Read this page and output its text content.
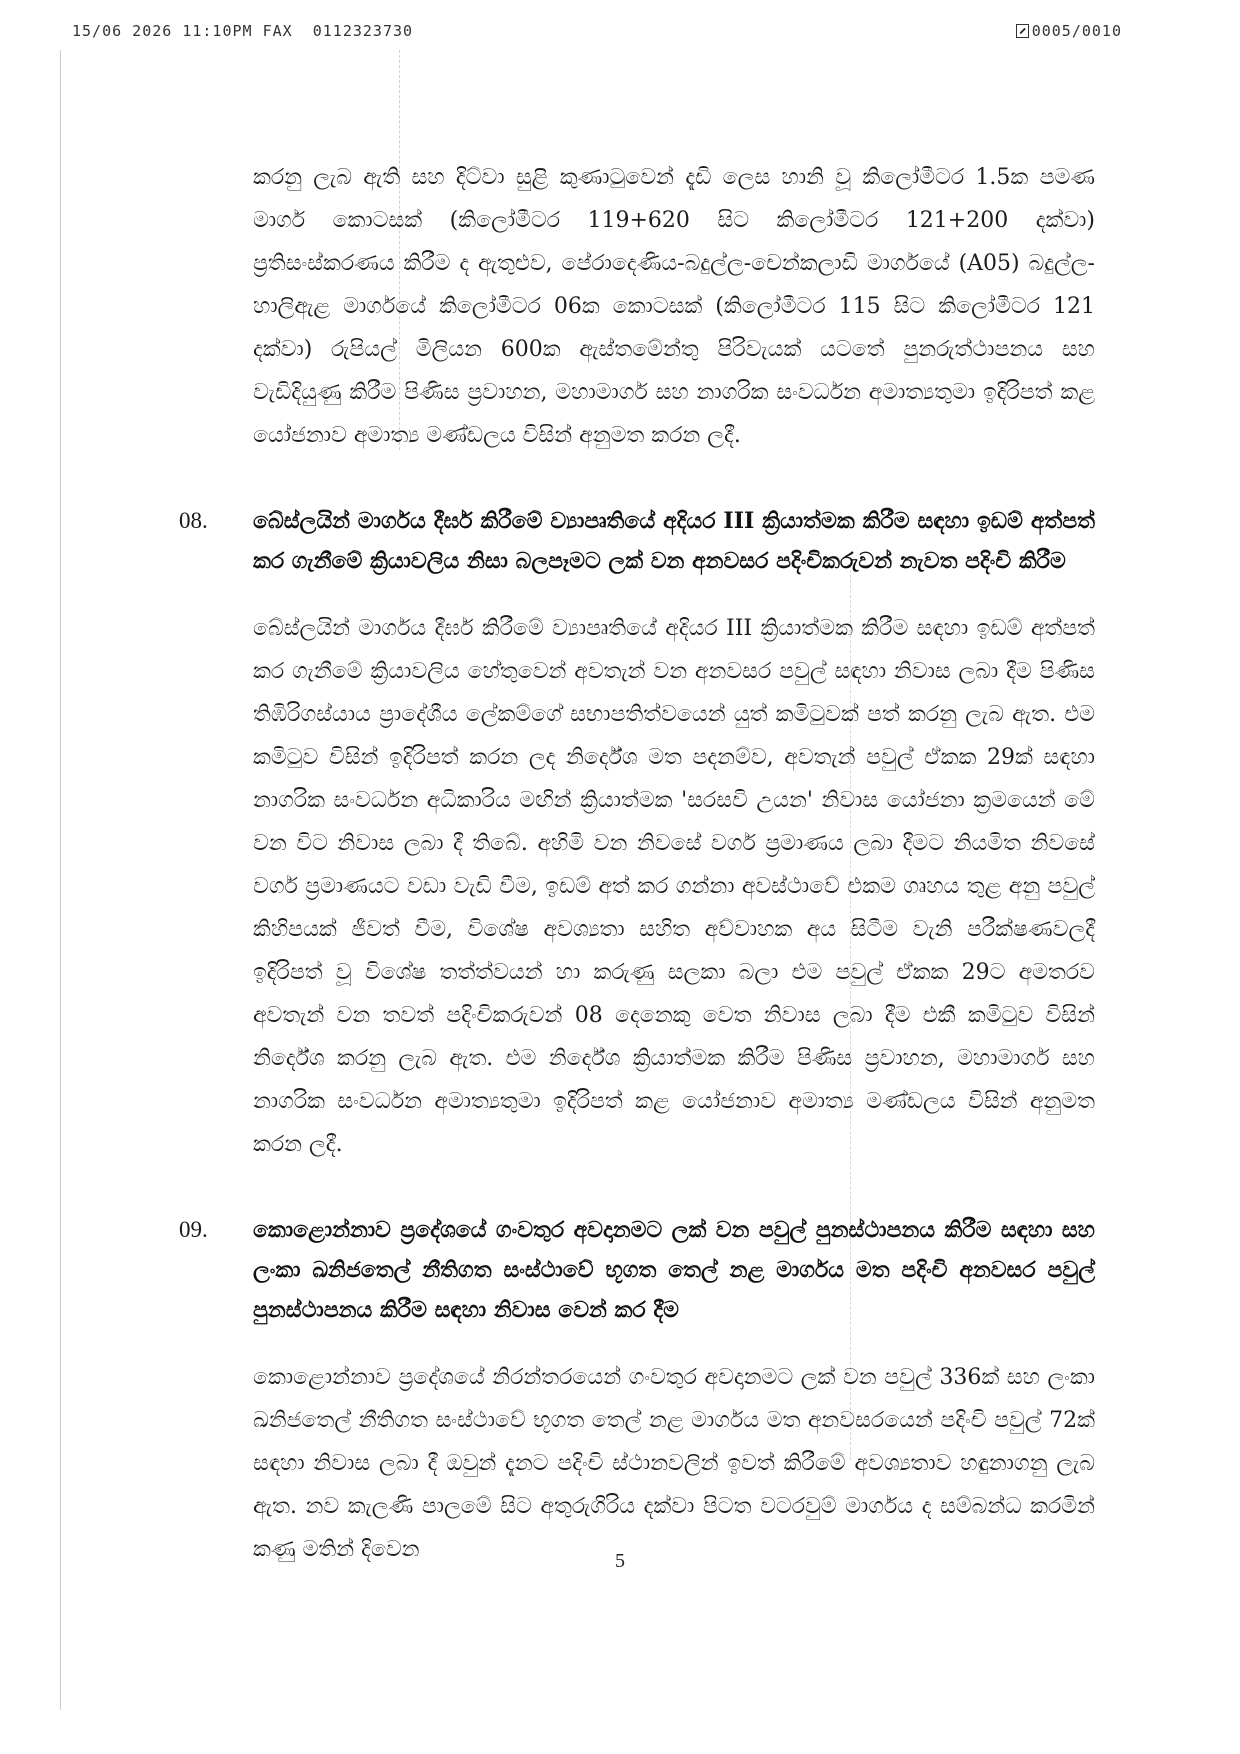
15/06 2026 11:10PM FAX  0112323730	0005/0010

කරනු ලැබ ඇති සහ දිට්වා සුළි කුණාටුවෙන් දැඩි ලෙස හානි වූ කිලෝමීටර 1.5ක පමණ මාර්ග කොටසක් (කිලෝමීටර 119+620 සිට කිලෝමීටර 121+200 දක්වා) ප්‍රතිසංස්කරණය කිරීම ද ඇතුළුව, පේරාදෙණිය-බදුල්ල-චෙන්කලාඩි මාර්ගයේ (A05) බදුල්ල-හාලිඇළ මාර්ගයේ කිලෝමීටර 06ක කොටසක් (කිලෝමීටර 115 සිට කිලෝමීටර 121 දක්වා) රුපියල් මිලියන 600ක ඇස්තමේන්තු පිරිවැයක් යටතේ පුනරුත්ථාපනය සහ වැඩිදියුණු කිරීම පිණිස ප්‍රවාහන, මහාමාර්ග සහ නාගරික සංවර්ධන අමාත්‍යතුමා ඉදිරිපත් කළ යෝජනාව අමාත්‍ය මණ්ඩලය විසින් අනුමත කරන ලදී.

08. බේස්ලයින් මාර්ගය දීර්ඝ කිරීමේ ව්‍යාපෘතියේ අදියර III ක්‍රියාත්මක කිරීම සඳහා ඉඩම් අත්පත් කර ගැනීමේ ක්‍රියාවලිය නිසා බලපෑමට ලක් වන අනවසර පදිංචිකරුවන් නැවත පදිංචි කිරීම

බේස්ලයින් මාර්ගය දීර්ඝ කිරීමේ ව්‍යාපෘතියේ අදියර III ක්‍රියාත්මක කිරීම සඳහා ඉඩම් අත්පත් කර ගැනීමේ ක්‍රියාවලිය හේතුවෙන් අවතැන් වන අනවසර පවුල් සඳහා නිවාස ලබා දීම පිණිස තිඹිරිගස්යාය ප්‍රාදේශීය ලේකම්ගේ සභාපතිත්වයෙන් යුත් කමිටුවක් පත් කරනු ලැබ ඇත. එම කමිටුව විසින් ඉදිරිපත් කරන ලද නිර්දේශ මත පදනම්ව, අවතැන් පවුල් ඒකක 29ක් සඳහා නාගරික සංවර්ධන අධිකාරිය මඟින් ක්‍රියාත්මක 'සරසවි උයන' නිවාස යෝජනා ක්‍රමයෙන් මේ වන විට නිවාස ලබා දී තිබේ. අහිමි වන නිවසේ වර්ග ප්‍රමාණය ලබා දීමට නියමිත නිවසේ වර්ග ප්‍රමාණයට වඩා වැඩි වීම, ඉඩම් අත් කර ගන්නා අවස්ථාවේ එකම ගෘහය තුළ අනු පවුල් කිහිපයක් ජීවත් වීම, විශේෂ අවශ්‍යතා සහිත අව්වාහක අය සිටීම වැනි පරීක්ෂණවලදී ඉදිරිපත් වූ විශේෂ තත්ත්වයන් හා කරුණු සලකා බලා එම පවුල් ඒකක 29ට අමතරව අවතැන් වන තවත් පදිංචිකරුවන් 08 දෙනෙකු වෙත නිවාස ලබා දීම එකී කමිටුව විසින් නිර්දේශ කරනු ලැබ ඇත. එම නිර්දේශ ක්‍රියාත්මක කිරීම පිණිස ප්‍රවාහන, මහාමාර්ග සහ නාගරික සංවර්ධන අමාත්‍යතුමා ඉදිරිපත් කළ යෝජනාව අමාත්‍ය මණ්ඩලය විසින් අනුමත කරන ලදී.

09. කොළොන්නාව ප්‍රදේශයේ ගංවතුර අවදානමට ලක් වන පවුල් පුනස්ථාපනය කිරීම සඳහා සහ ලංකා ඛනිජතෙල් නීතිගත සංස්ථාවේ භූගත තෙල් නළ මාර්ගය මත පදිංචි අනවසර පවුල් පුනස්ථාපනය කිරීම සඳහා නිවාස වෙන් කර දීම

කොළොන්නාව ප්‍රදේශයේ නිරන්තරයෙන් ගංවතුර අවදානමට ලක් වන පවුල් 336ක් සහ ලංකා ඛනිජතෙල් නීතිගත සංස්ථාවේ භූගත තෙල් නළ මාර්ගය මත අනවසරයෙන් පදිංචි පවුල් 72ක් සඳහා නිවාස ලබා දී ඔවුන් දැනට පදිංචි ස්ථානවලින් ඉවත් කිරීමේ අවශ්‍යතාව හඳුනාගනු ලැබ ඇත. නව කැලණි පාලමේ සිට අතුරුගිරිය දක්වා පිටත වටරවුම් මාර්ගය ද සම්බන්ධ කරමින් කණු මතින් දිවෙන	5
